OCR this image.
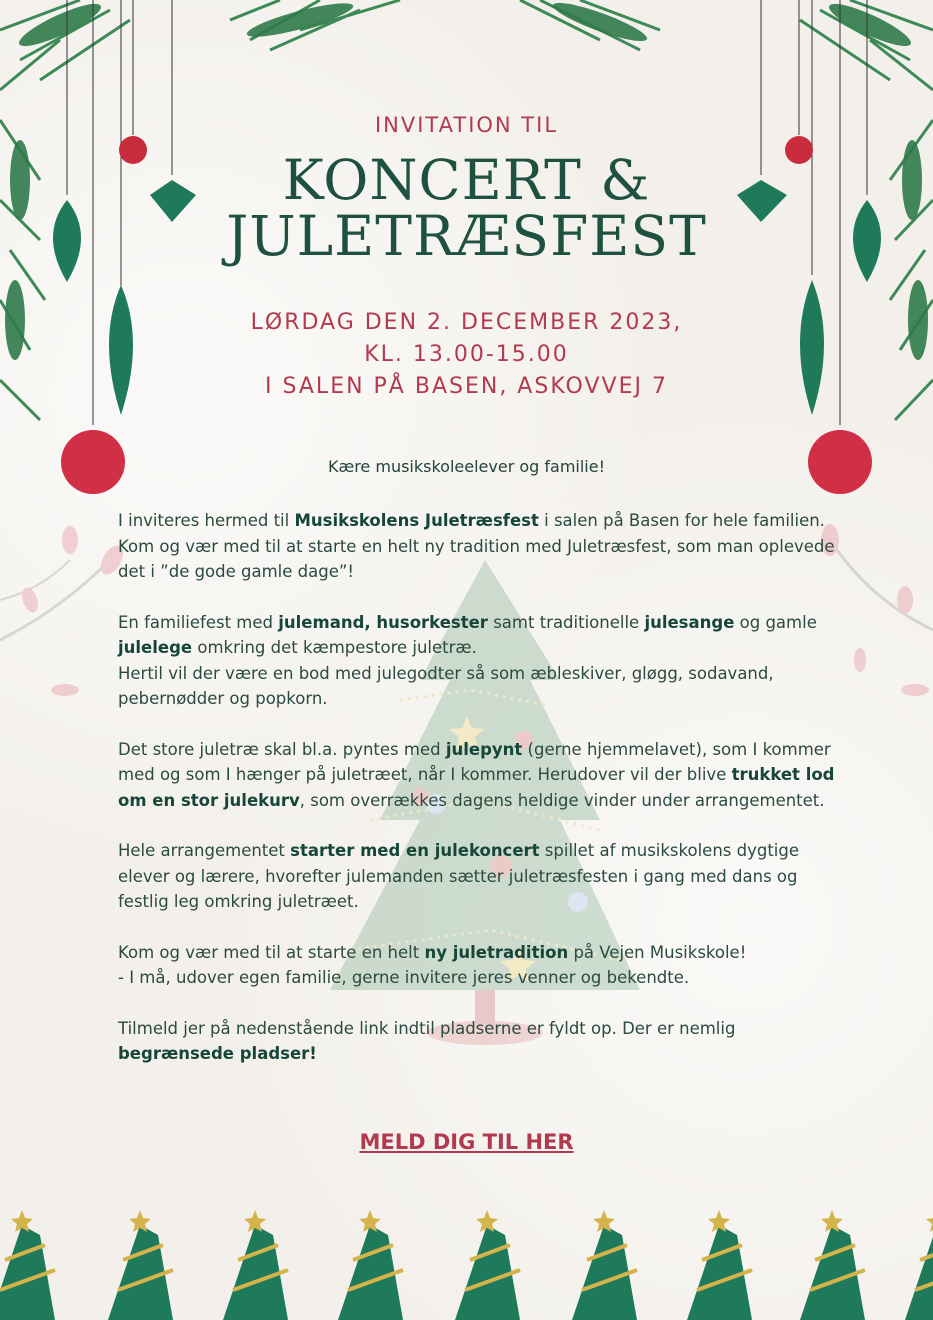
INVITATION TIL
KONCERT &
JULETRÆSFEST
LØRDAG DEN 2. DECEMBER 2023,
KL. 13.00-15.00
I SALEN PÅ BASEN, ASKOVVEJ 7
Kære musikskoleelever og familie!

I inviteres hermed til Musikskolens Juletræsfest i salen på Basen for hele familien. Kom og vær med til at starte en helt ny tradition med Juletræsfest, som man oplevede det i ”de gode gamle dage”!

En familiefest med julemand, husorkester samt traditionelle julesange og gamle julelege omkring det kæmpestore juletræ.
Hertil vil der være en bod med julegodter så som æbleskiver, gløgg, sodavand, pebernødder og popkorn.

Det store juletræ skal bl.a. pyntes med julepynt (gerne hjemmelavet), som I kommer med og som I hænger på juletræet, når I kommer. Herudover vil der blive trukket lod om en stor julekurv, som overrækkes dagens heldige vinder under arrangementet.

Hele arrangementet starter med en julekoncert spillet af musikskolens dygtige elever og lærere, hvorefter julemanden sætter juletræsfesten i gang med dans og festlig leg omkring juletræet.

Kom og vær med til at starte en helt ny juletradition på Vejen Musikskole!
- I må, udover egen familie, gerne invitere jeres venner og bekendte.

Tilmeld jer på nedenstående link indtil pladserne er fyldt op. Der er nemlig begrænsede pladser!

MELD DIG TIL HER
